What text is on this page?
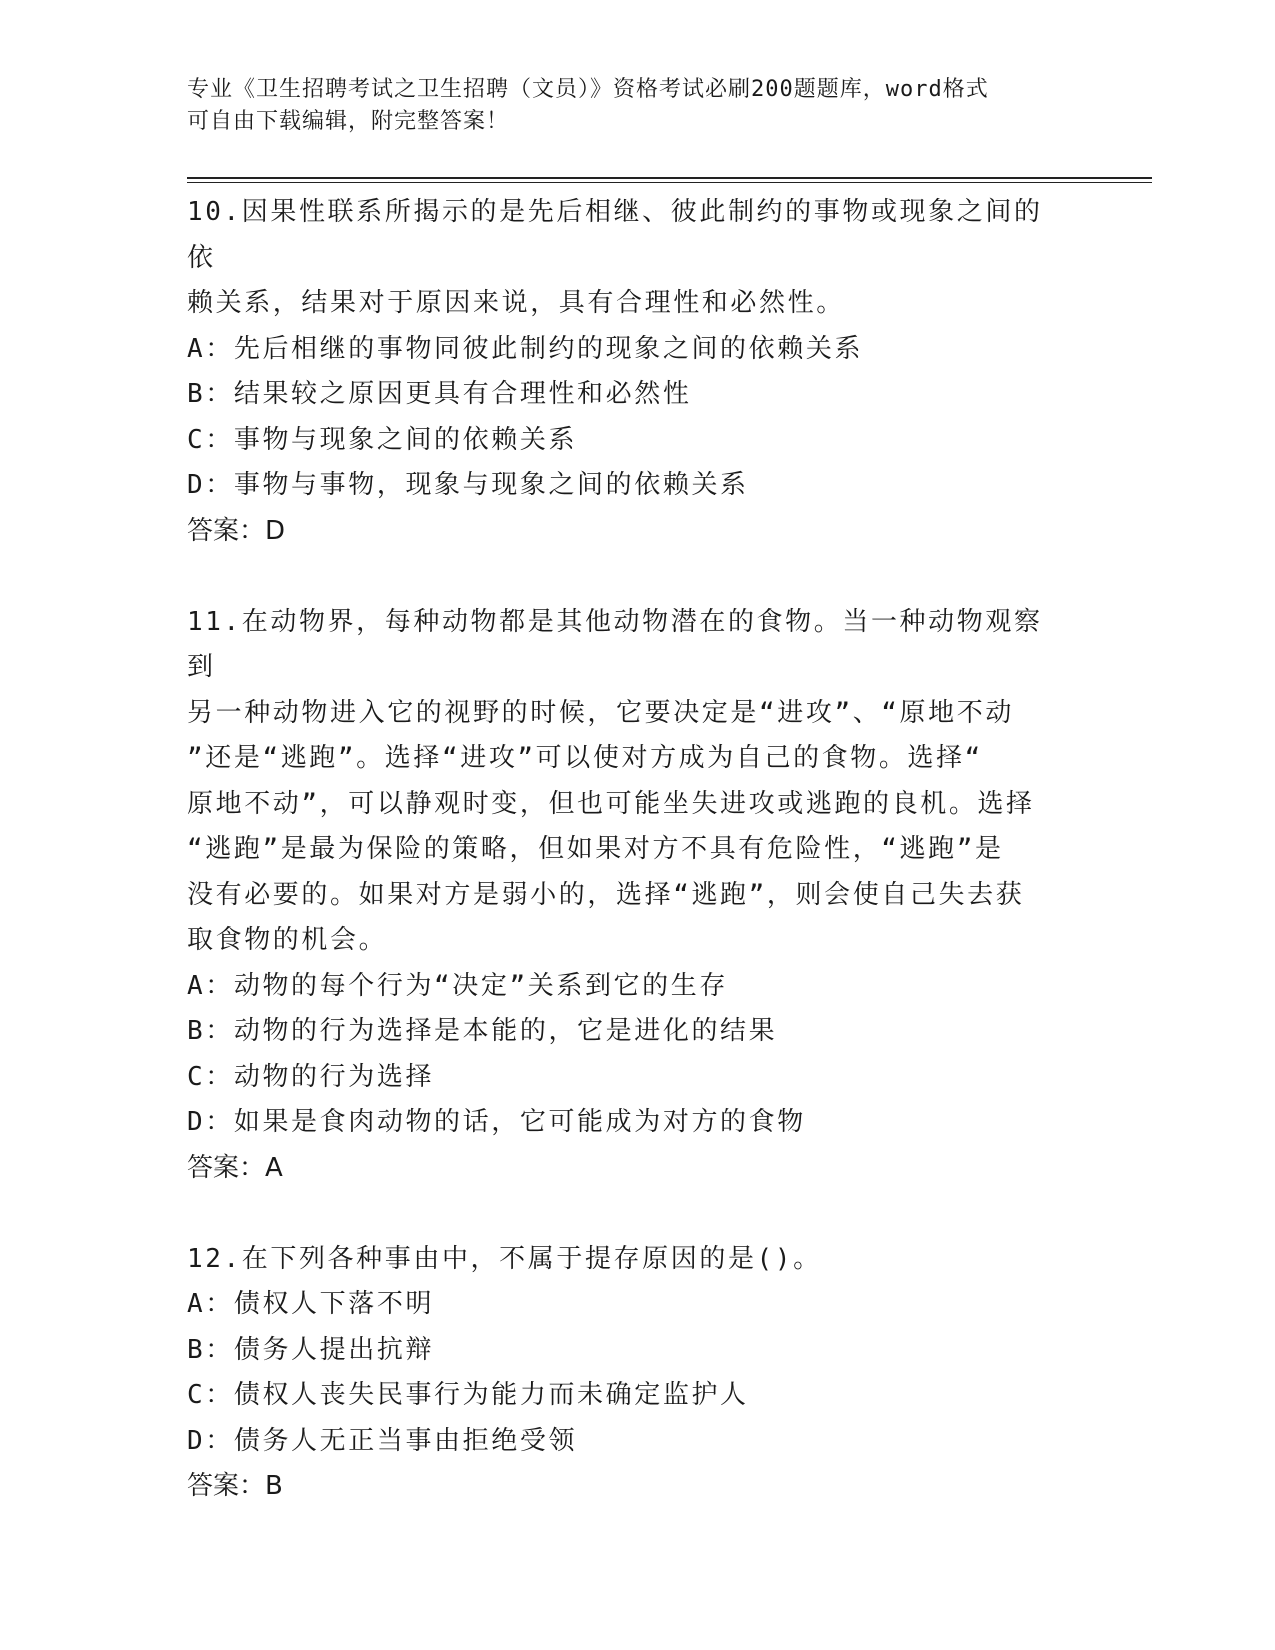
专业《卫生招聘考试之卫生招聘（文员）》资格考试必刷200题题库，word格式
可自由下载编辑，附完整答案！

10.因果性联系所揭示的是先后相继、彼此制约的事物或现象之间的依

赖关系，结果对于原因来说，具有合理性和必然性。

A：先后相继的事物同彼此制约的现象之间的依赖关系

B：结果较之原因更具有合理性和必然性

C：事物与现象之间的依赖关系

D：事物与事物，现象与现象之间的依赖关系

答案：D

11.在动物界，每种动物都是其他动物潜在的食物。当一种动物观察到

另一种动物进入它的视野的时候，它要决定是“进攻”、“原地不动

”还是“逃跑”。选择“进攻”可以使对方成为自己的食物。选择“

原地不动”，可以静观时变，但也可能坐失进攻或逃跑的良机。选择

“逃跑”是最为保险的策略，但如果对方不具有危险性，“逃跑”是

没有必要的。如果对方是弱小的，选择“逃跑”，则会使自己失去获

取食物的机会。

A：动物的每个行为“决定”关系到它的生存

B：动物的行为选择是本能的，它是进化的结果

C：动物的行为选择

D：如果是食肉动物的话，它可能成为对方的食物

答案：A

12.在下列各种事由中，不属于提存原因的是()。

A：债权人下落不明

B：债务人提出抗辩

C：债权人丧失民事行为能力而未确定监护人

D：债务人无正当事由拒绝受领

答案：B
